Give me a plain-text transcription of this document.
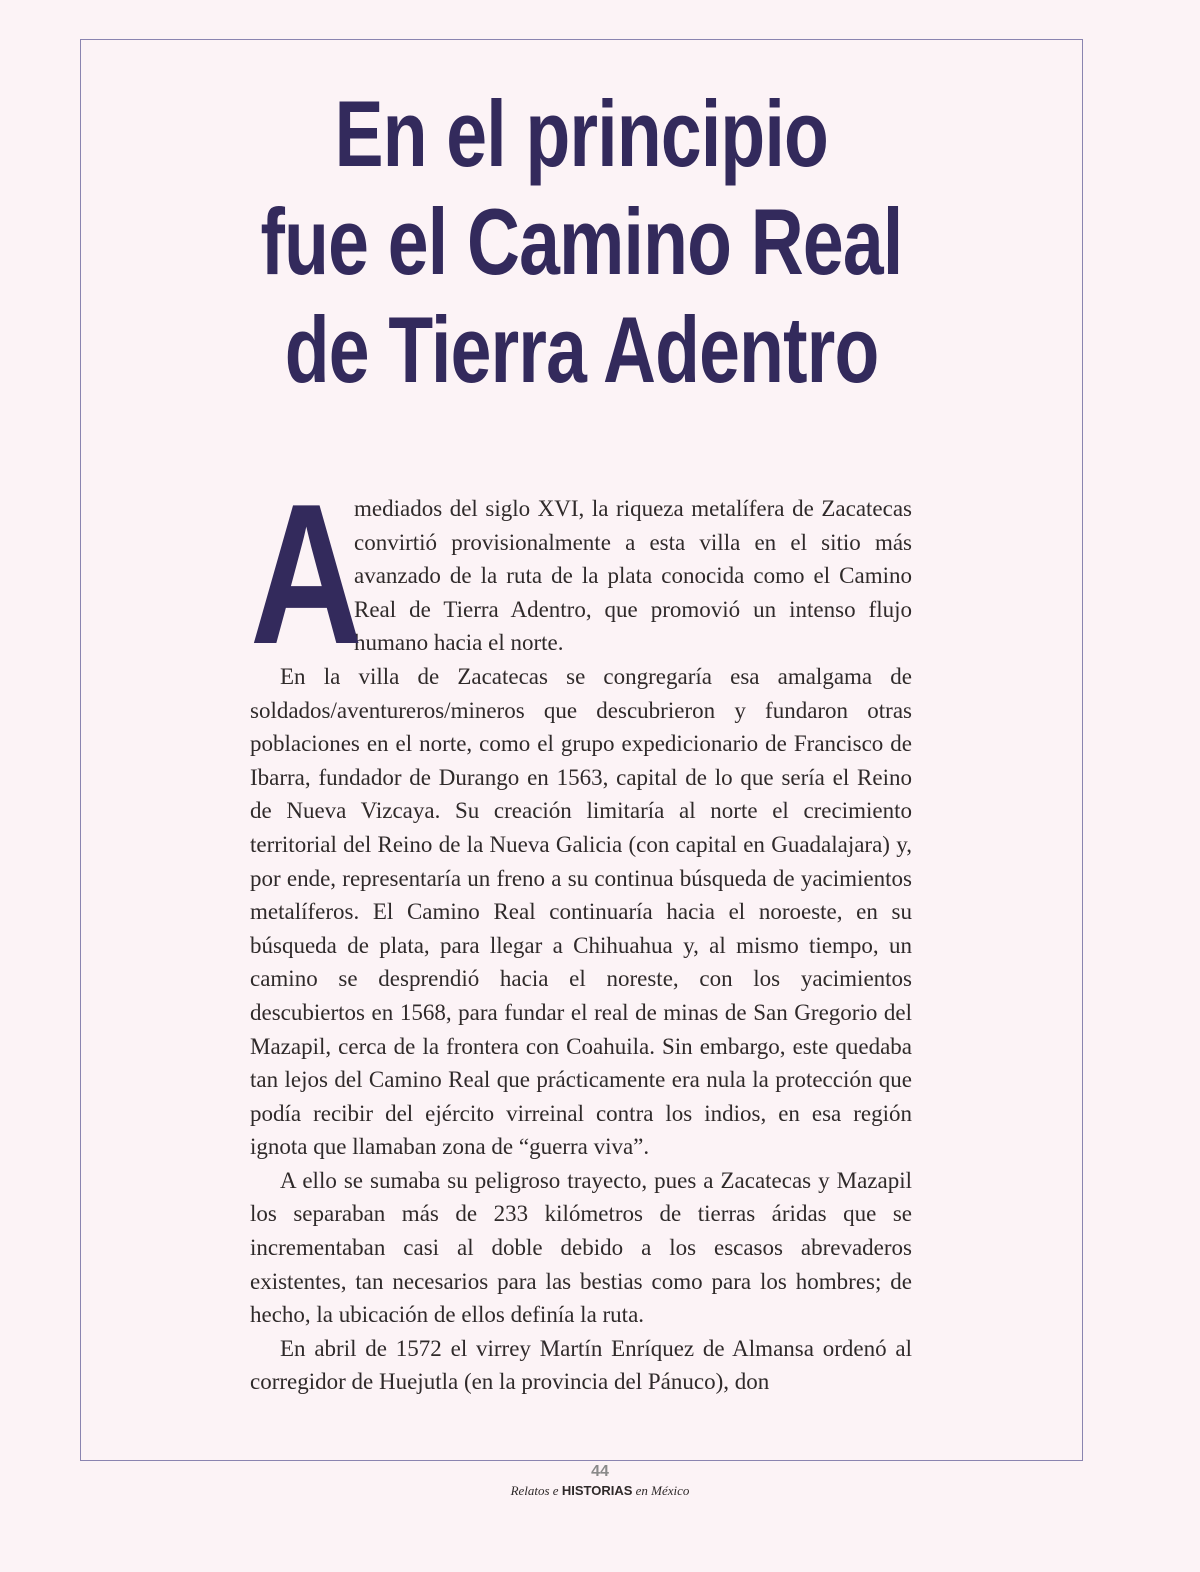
En el principio
fue el Camino Real
de Tierra Adentro

A
mediados del siglo XVI, la riqueza metalífera de Zacatecas convirtió provisionalmente a esta villa en el sitio más avanzado de la ruta de la plata conocida como el Camino Real de Tierra Adentro, que promovió un intenso flujo humano hacia el norte.

En la villa de Zacatecas se congregaría esa amalgama de soldados/aventureros/mineros que descubrieron y fundaron otras poblaciones en el norte, como el grupo expedicionario de Francisco de Ibarra, fundador de Durango en 1563, capital de lo que sería el Reino de Nueva Vizcaya. Su creación limitaría al norte el crecimiento territorial del Reino de la Nueva Galicia (con capital en Guadalajara) y, por ende, representaría un freno a su continua búsqueda de yacimientos metalíferos. El Camino Real continuaría hacia el noroeste, en su búsqueda de plata, para llegar a Chihuahua y, al mismo tiempo, un camino se desprendió hacia el noreste, con los yacimientos descubiertos en 1568, para fundar el real de minas de San Gregorio del Mazapil, cerca de la frontera con Coahuila. Sin embargo, este quedaba tan lejos del Camino Real que prácticamente era nula la protección que podía recibir del ejército virreinal contra los indios, en esa región ignota que llamaban zona de “guerra viva”.

A ello se sumaba su peligroso trayecto, pues a Zacatecas y Mazapil los separaban más de 233 kilómetros de tierras áridas que se incrementaban casi al doble debido a los escasos abrevaderos existentes, tan necesarios para las bestias como para los hombres; de hecho, la ubicación de ellos definía la ruta.

En abril de 1572 el virrey Martín Enríquez de Almansa ordenó al corregidor de Huejutla (en la provincia del Pánuco), don

44
Relatos e HISTORIAS en México
